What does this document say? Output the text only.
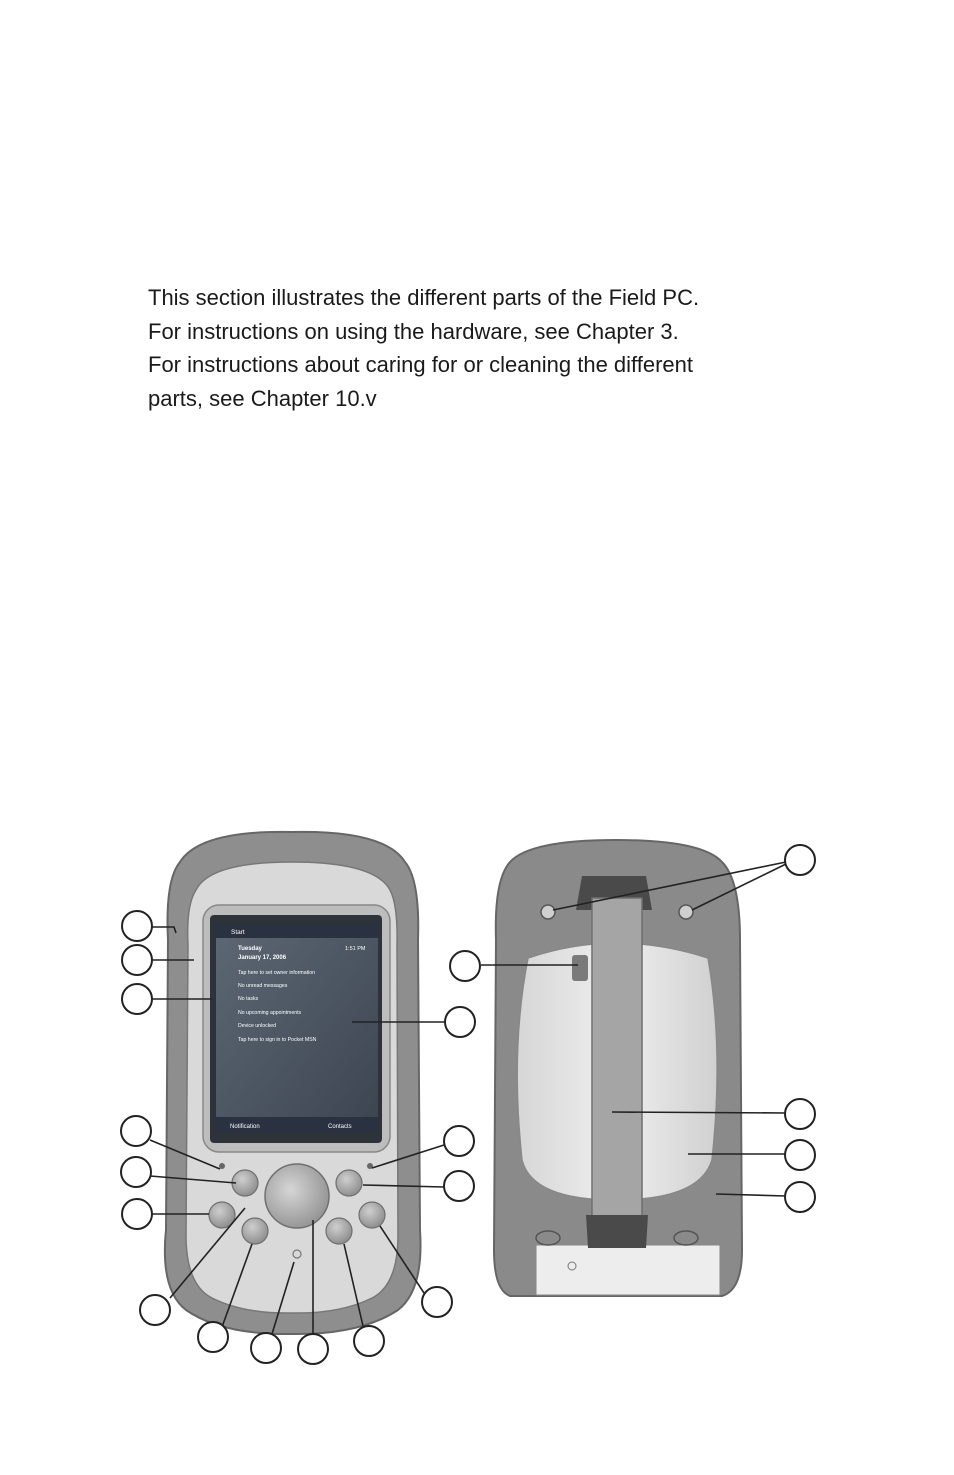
This section illustrates the different parts of the Field PC.

For instructions on using the hardware, see Chapter 3.

For instructions about caring for or cleaning the different

parts, see Chapter 10.v

Start
1:51 PM
Tuesday
January 17, 2006
Tap here to set owner information
No unread messages
No tasks
No upcoming appointments
Device unlocked
Tap here to sign in to Pocket MSN
Notification	Contacts
